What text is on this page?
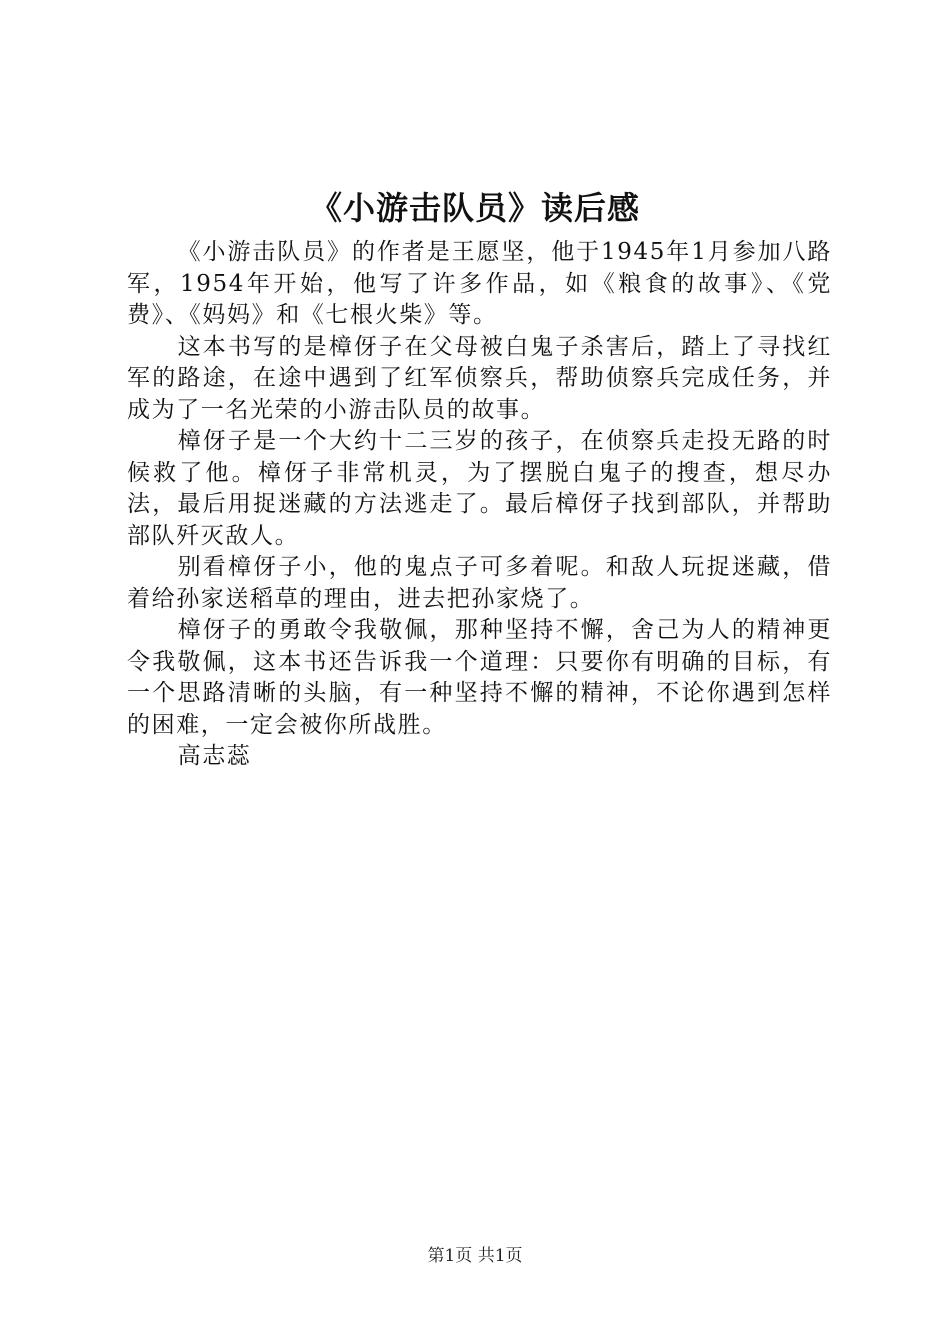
《小游击队员》读后感

《小游击队员》的作者是王愿坚，他于1945年1月参加八路军，1954年开始，他写了许多作品，如《粮食的故事》、《党费》、《妈妈》和《七根火柴》等。

这本书写的是樟伢子在父母被白鬼子杀害后，踏上了寻找红军的路途，在途中遇到了红军侦察兵，帮助侦察兵完成任务，并成为了一名光荣的小游击队员的故事。

樟伢子是一个大约十二三岁的孩子，在侦察兵走投无路的时候救了他。樟伢子非常机灵，为了摆脱白鬼子的搜查，想尽办法，最后用捉迷藏的方法逃走了。最后樟伢子找到部队，并帮助部队歼灭敌人。

别看樟伢子小，他的鬼点子可多着呢。和敌人玩捉迷藏，借着给孙家送稻草的理由，进去把孙家烧了。

樟伢子的勇敢令我敬佩，那种坚持不懈，舍己为人的精神更令我敬佩，这本书还告诉我一个道理：只要你有明确的目标，有一个思路清晰的头脑，有一种坚持不懈的精神，不论你遇到怎样的困难，一定会被你所战胜。

高志蕊

第1页 共1页
